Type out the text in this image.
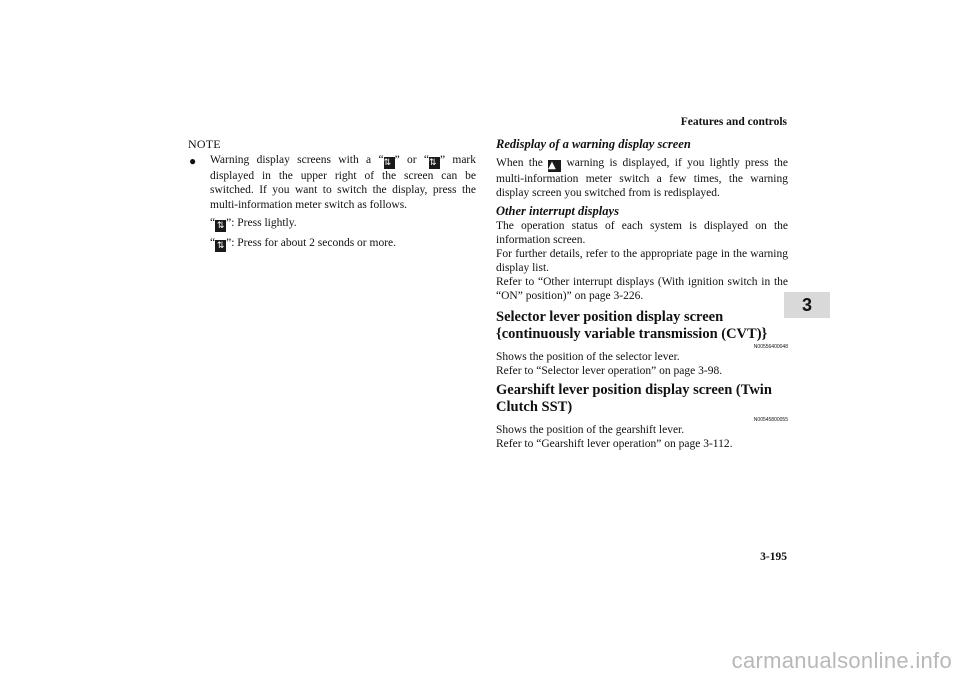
Features and controls
3
NOTE
● Warning display screens with a “⇅ ” or “⇅ ” mark displayed in the upper right of the screen can be switched. If you want to switch the display, press the multi-information meter switch as follows.

“ ⇅ ”: Press lightly.

“ ⇅ ”: Press for about 2 seconds or more.

Redisplay of a warning display screen

When the ▲ warning is displayed, if you lightly press the multi-information meter switch a few times, the warning display screen you switched from is redisplayed.

Other interrupt displays

The operation status of each system is displayed on the information screen.

For further details, refer to the appropriate page in the warning display list.

Refer to “Other interrupt displays (With ignition switch in the “ON” position)” on page 3-226.

Selector lever position display screen {continuously variable transmission (CVT)}

N00556400048

Shows the position of the selector lever.

Refer to “Selector lever operation” on page 3-98.

Gearshift lever position display screen (Twin Clutch SST)

N00545800055

Shows the position of the gearshift lever.

Refer to “Gearshift lever operation” on page 3-112.

3-195
carmanualsonline.info
